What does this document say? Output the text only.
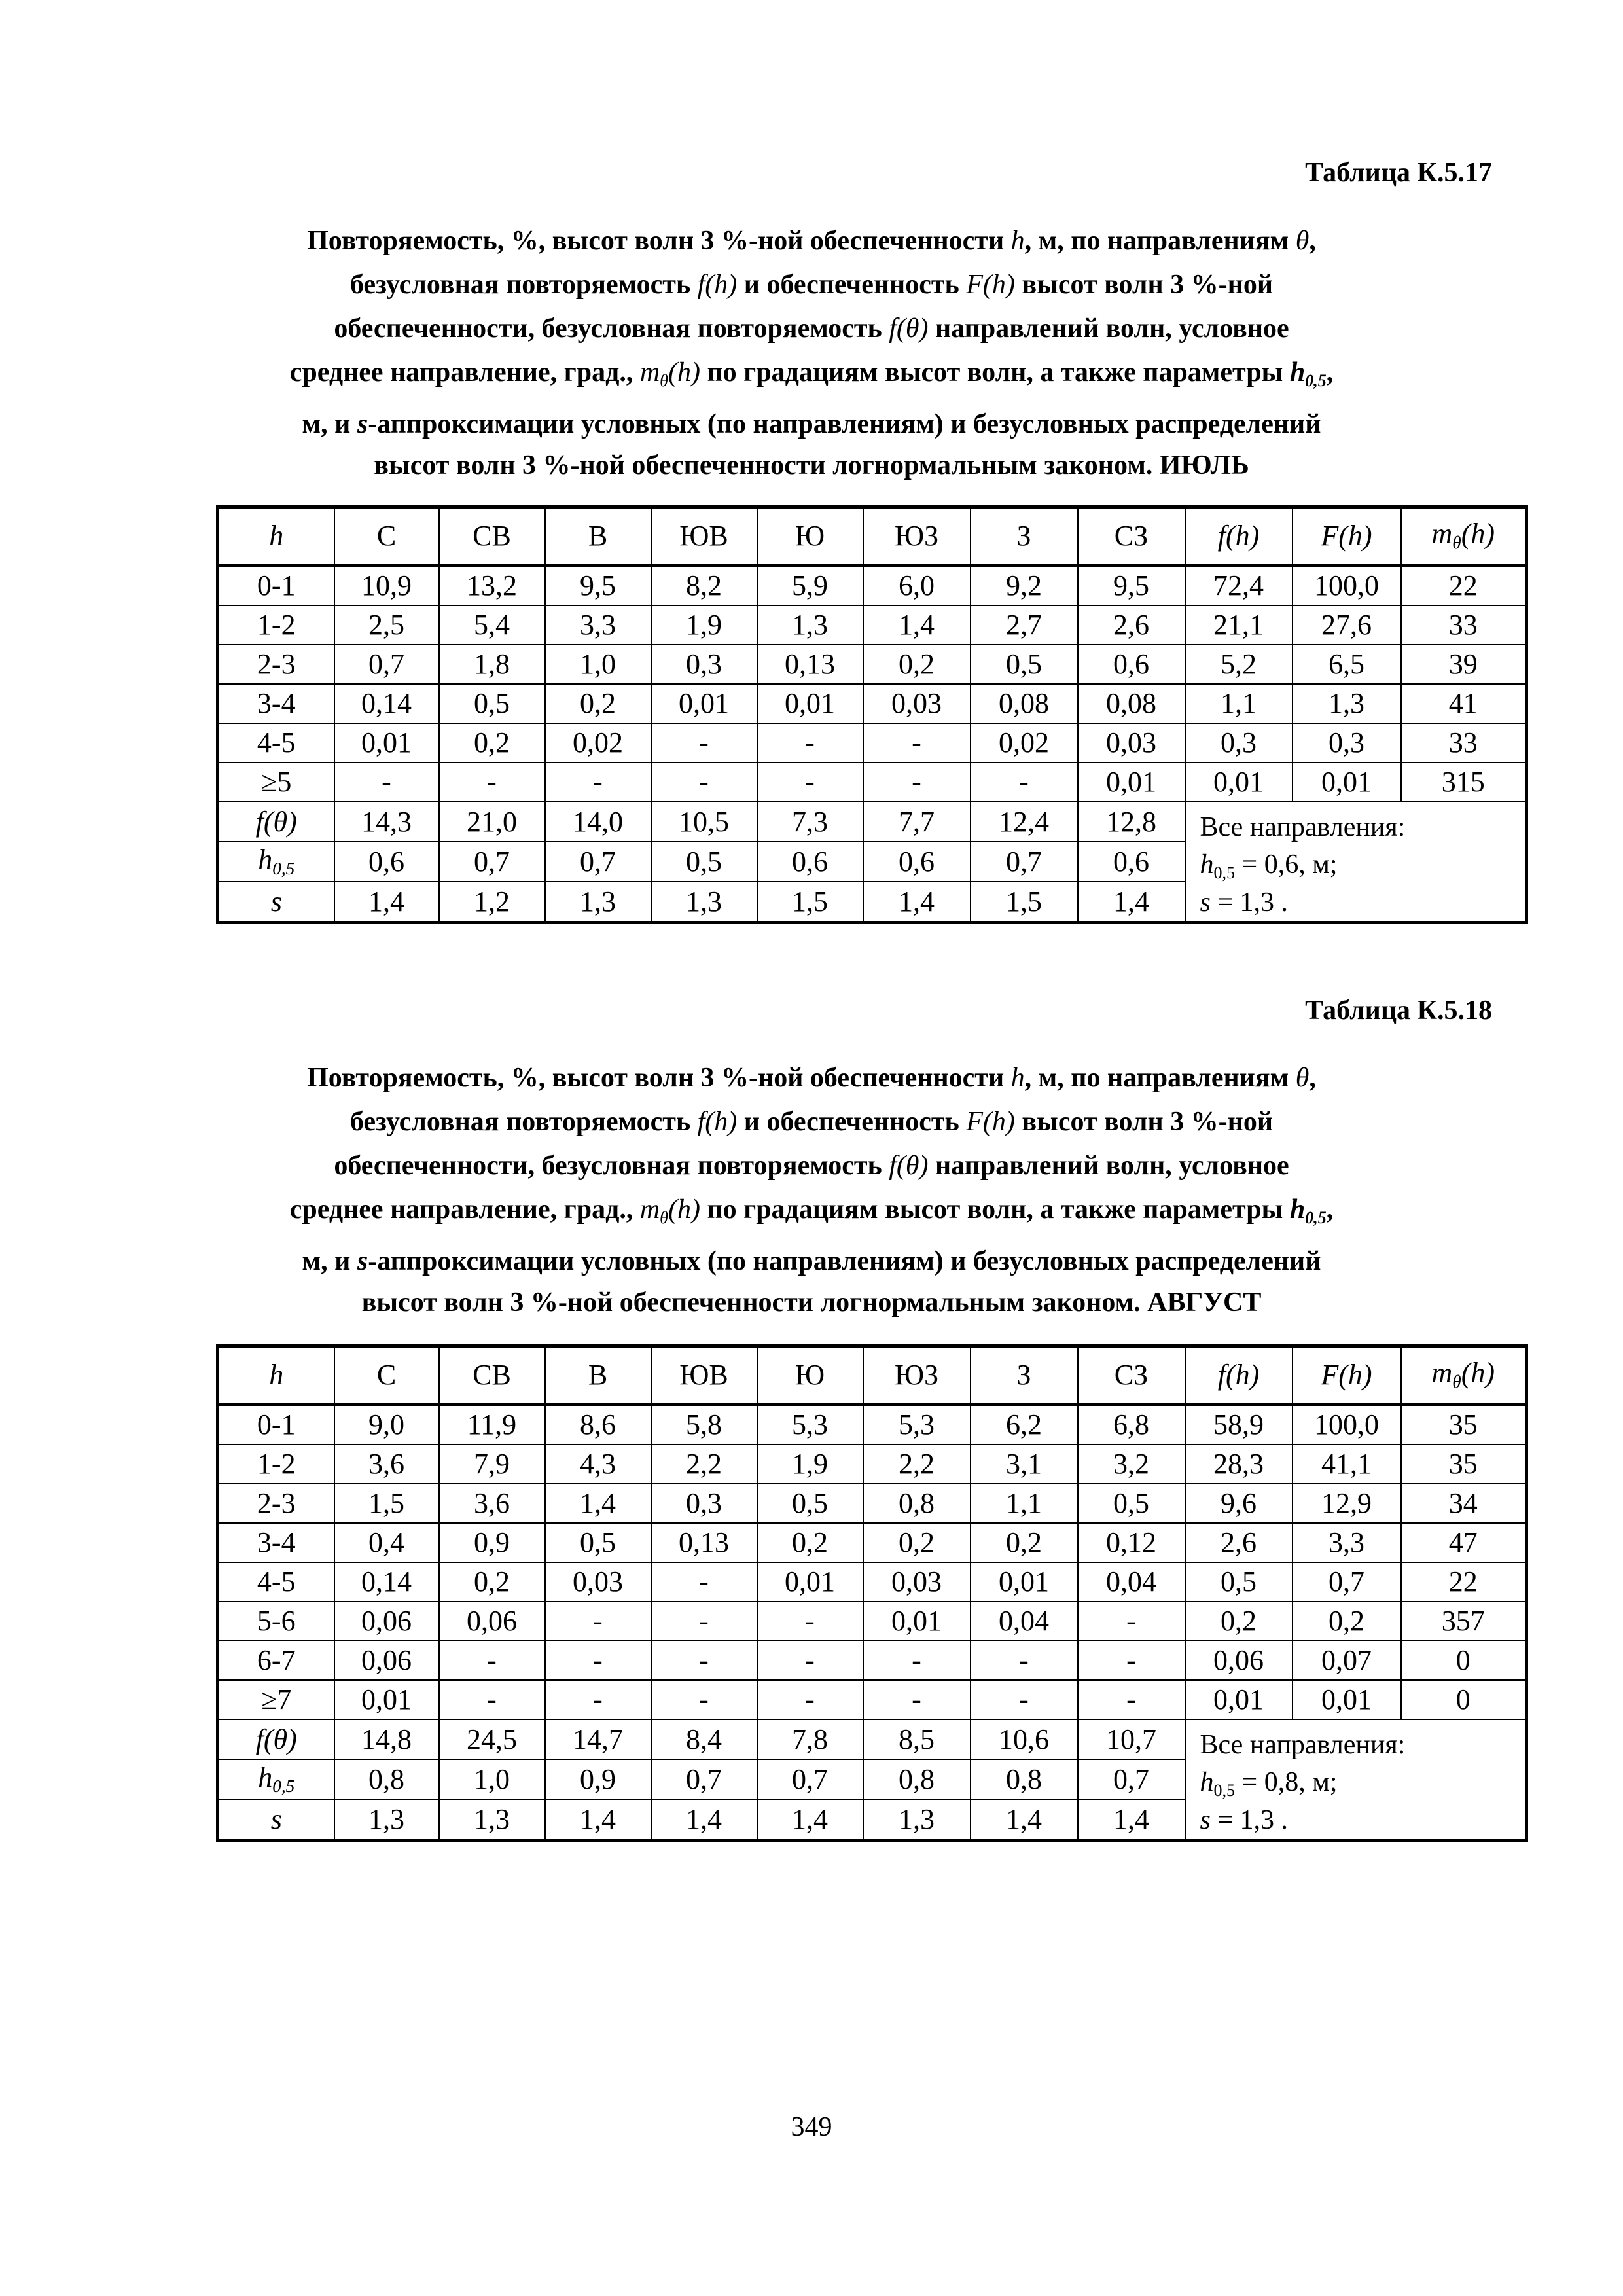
Таблица К.5.17
Повторяемость, %, высот волн 3 %-ной обеспеченности h, м, по направлениям θ,
безусловная повторяемость f(h) и обеспеченность F(h) высот волн 3 %-ной
обеспеченности, безусловная повторяемость f(θ) направлений волн, условное
среднее направление, град., $m_\theta(h)$ по градациям высот волн, а также параметры $h_{0,5}$,
м, и s-аппроксимации условных (по направлениям) и безусловных распределений
высот волн 3 %-ной обеспеченности логнормальным законом. ИЮЛЬ
h	С	СВ	В	ЮВ	Ю	ЮЗ	З	СЗ	f(h)	F(h)	$m_\theta(h)$
0-1	10,9	13,2	9,5	8,2	5,9	6,0	9,2	9,5	72,4	100,0	22
1-2	2,5	5,4	3,3	1,9	1,3	1,4	2,7	2,6	21,1	27,6	33
2-3	0,7	1,8	1,0	0,3	0,13	0,2	0,5	0,6	5,2	6,5	39
3-4	0,14	0,5	0,2	0,01	0,01	0,03	0,08	0,08	1,1	1,3	41
4-5	0,01	0,2	0,02	-	-	-	0,02	0,03	0,3	0,3	33
≥5	-	-	-	-	-	-	-	0,01	0,01	0,01	315
f(θ)	14,3	21,0	14,0	10,5	7,3	7,7	12,4	12,8	Все направления:
$h_{0,5} = 0,6$, м;
s = 1,3 .		

$h_{0,5}$	0,6	0,7	0,7	0,5	0,6	0,6	0,7	0,6			
s	1,4	1,2	1,3	1,3	1,5	1,4	1,5	1,4			
Таблица К.5.18
Повторяемость, %, высот волн 3 %-ной обеспеченности h, м, по направлениям θ,
безусловная повторяемость f(h) и обеспеченность F(h) высот волн 3 %-ной
обеспеченности, безусловная повторяемость f(θ) направлений волн, условное
среднее направление, град., $m_\theta(h)$ по градациям высот волн, а также параметры $h_{0,5}$,
м, и s-аппроксимации условных (по направлениям) и безусловных распределений
высот волн 3 %-ной обеспеченности логнормальным законом. АВГУСТ
h	С	СВ	В	ЮВ	Ю	ЮЗ	З	СЗ	f(h)	F(h)	$m_\theta(h)$
0-1	9,0	11,9	8,6	5,8	5,3	5,3	6,2	6,8	58,9	100,0	35
1-2	3,6	7,9	4,3	2,2	1,9	2,2	3,1	3,2	28,3	41,1	35
2-3	1,5	3,6	1,4	0,3	0,5	0,8	1,1	0,5	9,6	12,9	34
3-4	0,4	0,9	0,5	0,13	0,2	0,2	0,2	0,12	2,6	3,3	47
4-5	0,14	0,2	0,03	-	0,01	0,03	0,01	0,04	0,5	0,7	22
5-6	0,06	0,06	-	-	-	0,01	0,04	-	0,2	0,2	357
6-7	0,06	-	-	-	-	-	-	-	0,06	0,07	0
≥7	0,01	-	-	-	-	-	-	-	0,01	0,01	0
f(θ)	14,8	24,5	14,7	8,4	7,8	8,5	10,6	10,7	Все направления:
$h_{0,5} = 0,8$, м;
s = 1,3 .		

$h_{0,5}$	0,8	1,0	0,9	0,7	0,7	0,8	0,8	0,7			
s	1,3	1,3	1,4	1,4	1,4	1,3	1,4	1,4			
349
